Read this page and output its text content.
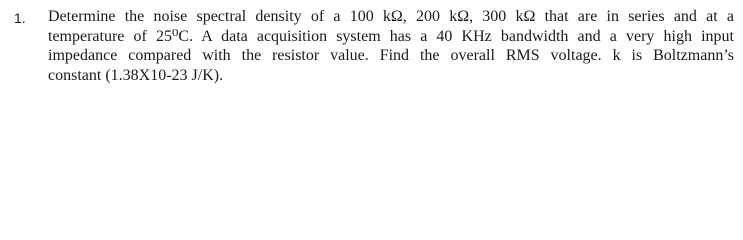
1.	Determine the noise spectral density of a 100 kΩ, 200 kΩ, 300 kΩ that are in series and at a
temperature of 25⁰C. A data acquisition system has a 40 KHz bandwidth and a very high input
impedance compared with the resistor value. Find the overall RMS voltage. k is Boltzmann’s
constant (1.38X10-23 J/K).
